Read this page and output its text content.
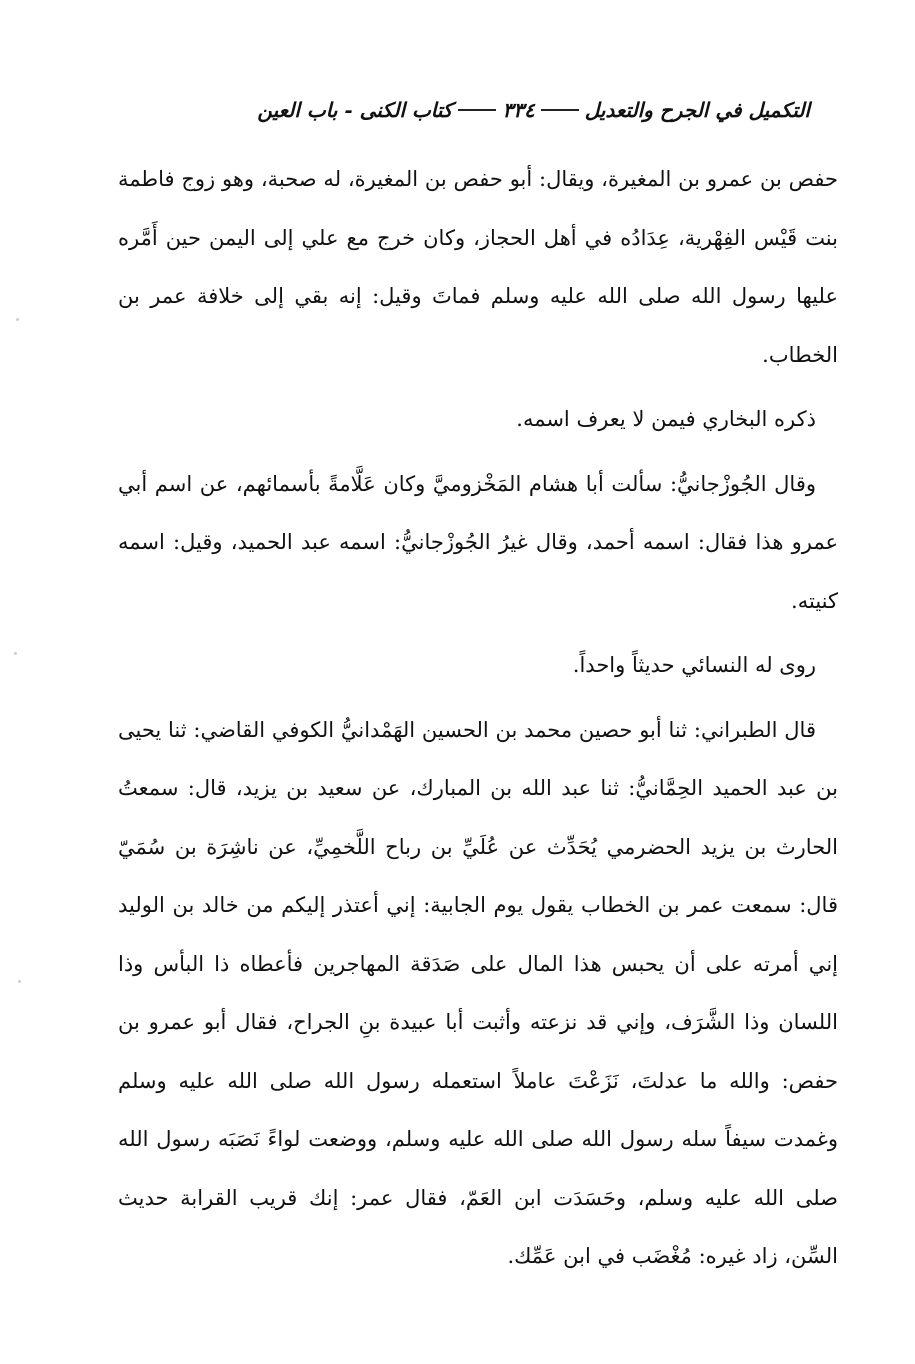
التكميل في الجرح والتعديل
٣٣٤
كتاب الكنى - باب العين

حفص بن عمرو بن المغيرة، ويقال: أبو حفص بن المغيرة، له صحبة، وهو زوج فاطمة بنت قَيْس الفِهْرية، عِدَادُه في أهل الحجاز، وكان خرج مع علي إلى اليمن حين أَمَّره عليها رسول الله صلى الله عليه وسلم فماتَ وقيل: إنه بقي إلى خلافة عمر بن الخطاب.

ذكره البخاري فيمن لا يعرف اسمه.

وقال الجُوزْجانيُّ: سألت أبا هشام المَخْزوميَّ وكان عَلَّامةً بأسمائهم، عن اسم أبي عمرو هذا فقال: اسمه أحمد، وقال غيرُ الجُوزْجانيُّ: اسمه عبد الحميد، وقيل: اسمه كنيته.

روى له النسائي حديثاً واحداً.

قال الطبراني: ثنا أبو حصين محمد بن الحسين الهَمْدانيُّ الكوفي القاضي: ثنا يحيى بن عبد الحميد الحِمَّانيُّ: ثنا عبد الله بن المبارك، عن سعيد بن يزيد، قال: سمعتُ الحارث بن يزيد الحضرمي يُحَدِّث عن عُلَيِّ بن رباح اللَّخمِيِّ، عن ناشِرَة بن سُمَيّ قال: سمعت عمر بن الخطاب يقول يوم الجابية: إني أعتذر إليكم من خالد بن الوليد إني أمرته على أن يحبس هذا المال على صَدَقة المهاجرين فأعطاه ذا البأس وذا اللسان وذا الشَّرَف، وإني قد نزعته وأثبت أبا عبيدة بنِ الجراح، فقال أبو عمرو بن حفص: والله ما عدلتَ، نَزَعْتَ عاملاً استعمله رسول الله صلى الله عليه وسلم وغمدت سيفاً سله رسول الله صلى الله عليه وسلم، ووضعت لواءً نَصَبَه رسول الله صلى الله عليه وسلم، وحَسَدَت ابن العَمّ، فقال عمر: إنك قريب القرابة حديث السِّن، زاد غيره: مُغْضَب في ابن عَمِّك.
